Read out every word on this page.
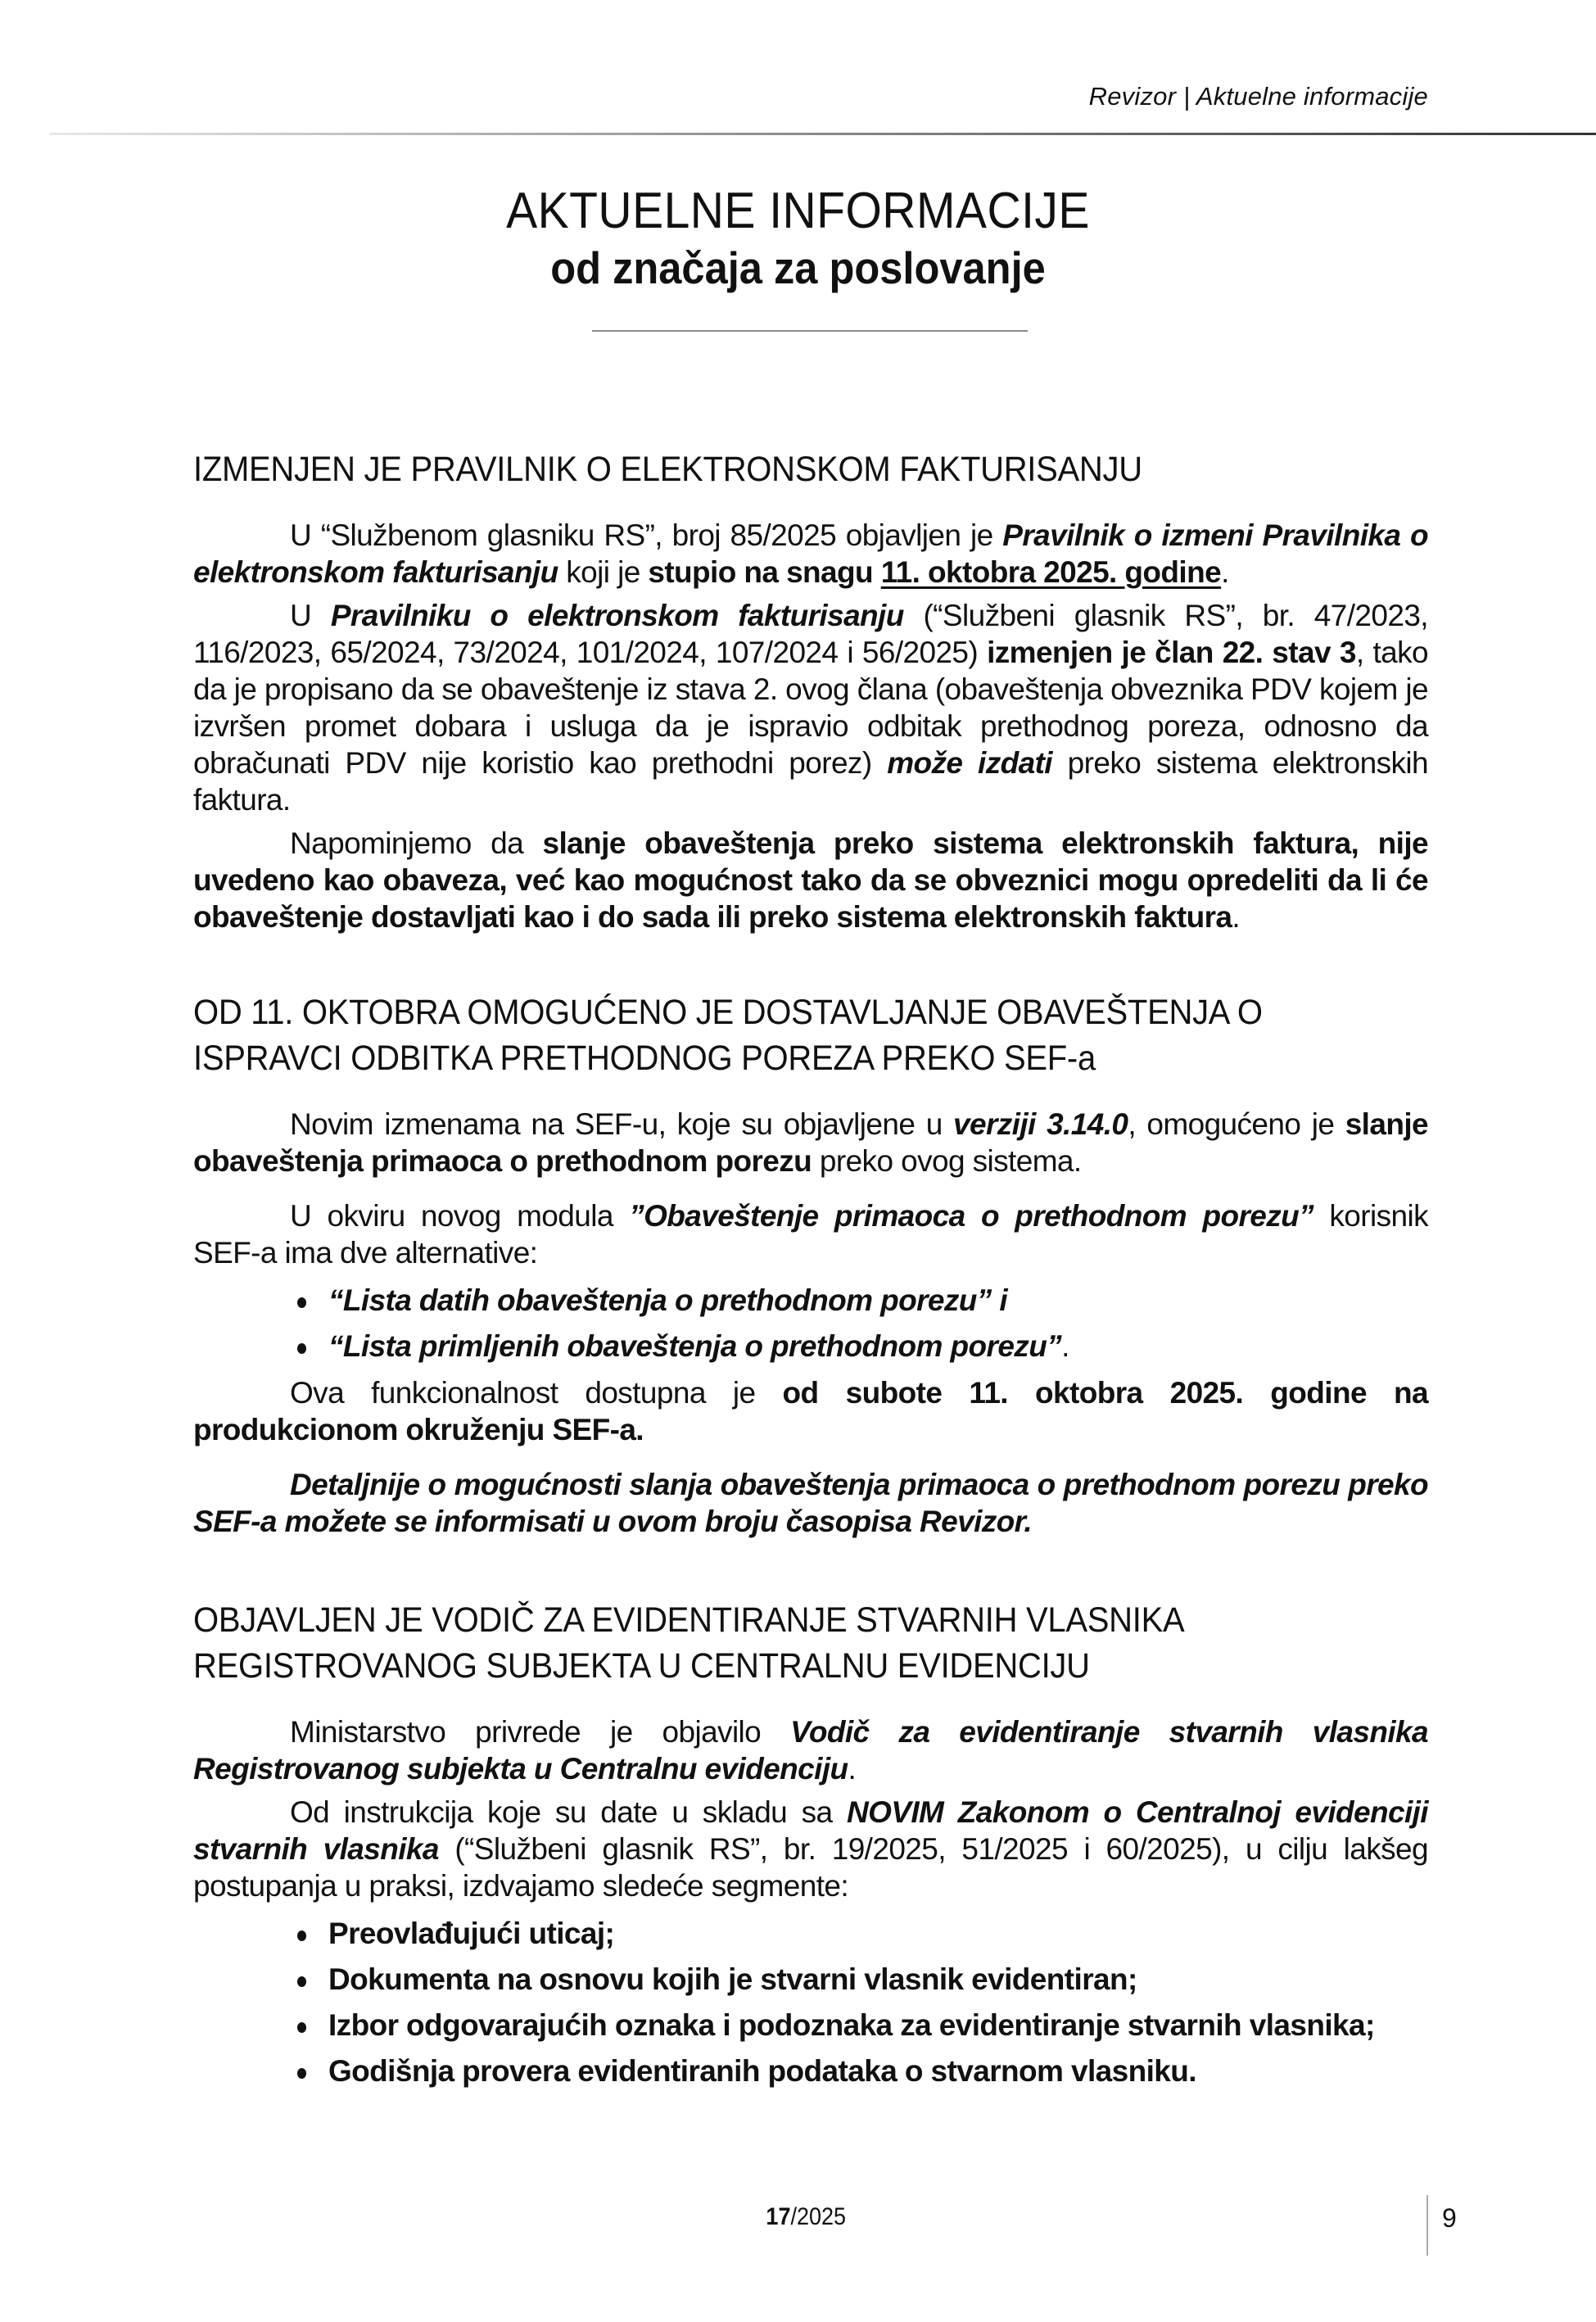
Revizor | Aktuelne informacije
AKTUELNE INFORMACIJE
od značaja za poslovanje
IZMENJEN JE PRAVILNIK O ELEKTRONSKOM FAKTURISANJU

U “Službenom glasniku RS”, broj 85/2025 objavljen je Pravilnik o izmeni Pravilnika o elektronskom fakturisanju koji je stupio na snagu 11. oktobra 2025. godine.

U Pravilniku o elektronskom fakturisanju (“Službeni glasnik RS”, br. 47/2023, 116/2023, 65/2024, 73/2024, 101/2024, 107/2024 i 56/2025) izmenjen je član 22. stav 3, tako da je propisano da se obaveštenje iz stava 2. ovog člana (obaveštenja obveznika PDV kojem je izvršen promet dobara i usluga da je ispravio odbitak prethodnog poreza, odnosno da obračunati PDV nije koristio kao prethodni porez) može izdati preko sistema elektronskih faktura.

Napominjemo da slanje obaveštenja preko sistema elektronskih faktura, nije uvedeno kao obaveza, već kao mogućnost tako da se obveznici mogu opredeliti da li će obaveštenje dostavljati kao i do sada ili preko sistema elektronskih faktura.

OD 11. OKTOBRA OMOGUĆENO JE DOSTAVLJANJE OBAVEŠTENJA O
ISPRAVCI ODBITKA PRETHODNOG POREZA PREKO SEF-a

Novim izmenama na SEF-u, koje su objavljene u verziji 3.14.0, omogućeno je slanje obaveštenja primaoca o prethodnom porezu preko ovog sistema.

U okviru novog modula ”Obaveštenje primaoca o prethodnom porezu” korisnik SEF-a ima dve alternative:

“Lista datih obaveštenja o prethodnom porezu” i
“Lista primljenih obaveštenja o prethodnom porezu”.

Ova funkcionalnost dostupna je od subote 11. oktobra 2025. godine na produkcionom okruženju SEF-a.

Detaljnije o mogućnosti slanja obaveštenja primaoca o prethodnom porezu preko SEF-a možete se informisati u ovom broju časopisa Revizor.

OBJAVLJEN JE VODIČ ZA EVIDENTIRANJE STVARNIH VLASNIKA
REGISTROVANOG SUBJEKTA U CENTRALNU EVIDENCIJU

Ministarstvo privrede je objavilo Vodič za evidentiranje stvarnih vlasnika Registrovanog subjekta u Centralnu evidenciju.

Od instrukcija koje su date u skladu sa NOVIM Zakonom o Centralnoj evidenciji stvarnih vlasnika (“Službeni glasnik RS”, br. 19/2025, 51/2025 i 60/2025), u cilju lakšeg postupanja u praksi, izdvajamo sledeće segmente:

Preovlađujući uticaj;
Dokumenta na osnovu kojih je stvarni vlasnik evidentiran;
Izbor odgovarajućih oznaka i podoznaka za evidentiranje stvarnih vlasnika;
Godišnja provera evidentiranih podataka o stvarnom vlasniku.
17/2025	9
